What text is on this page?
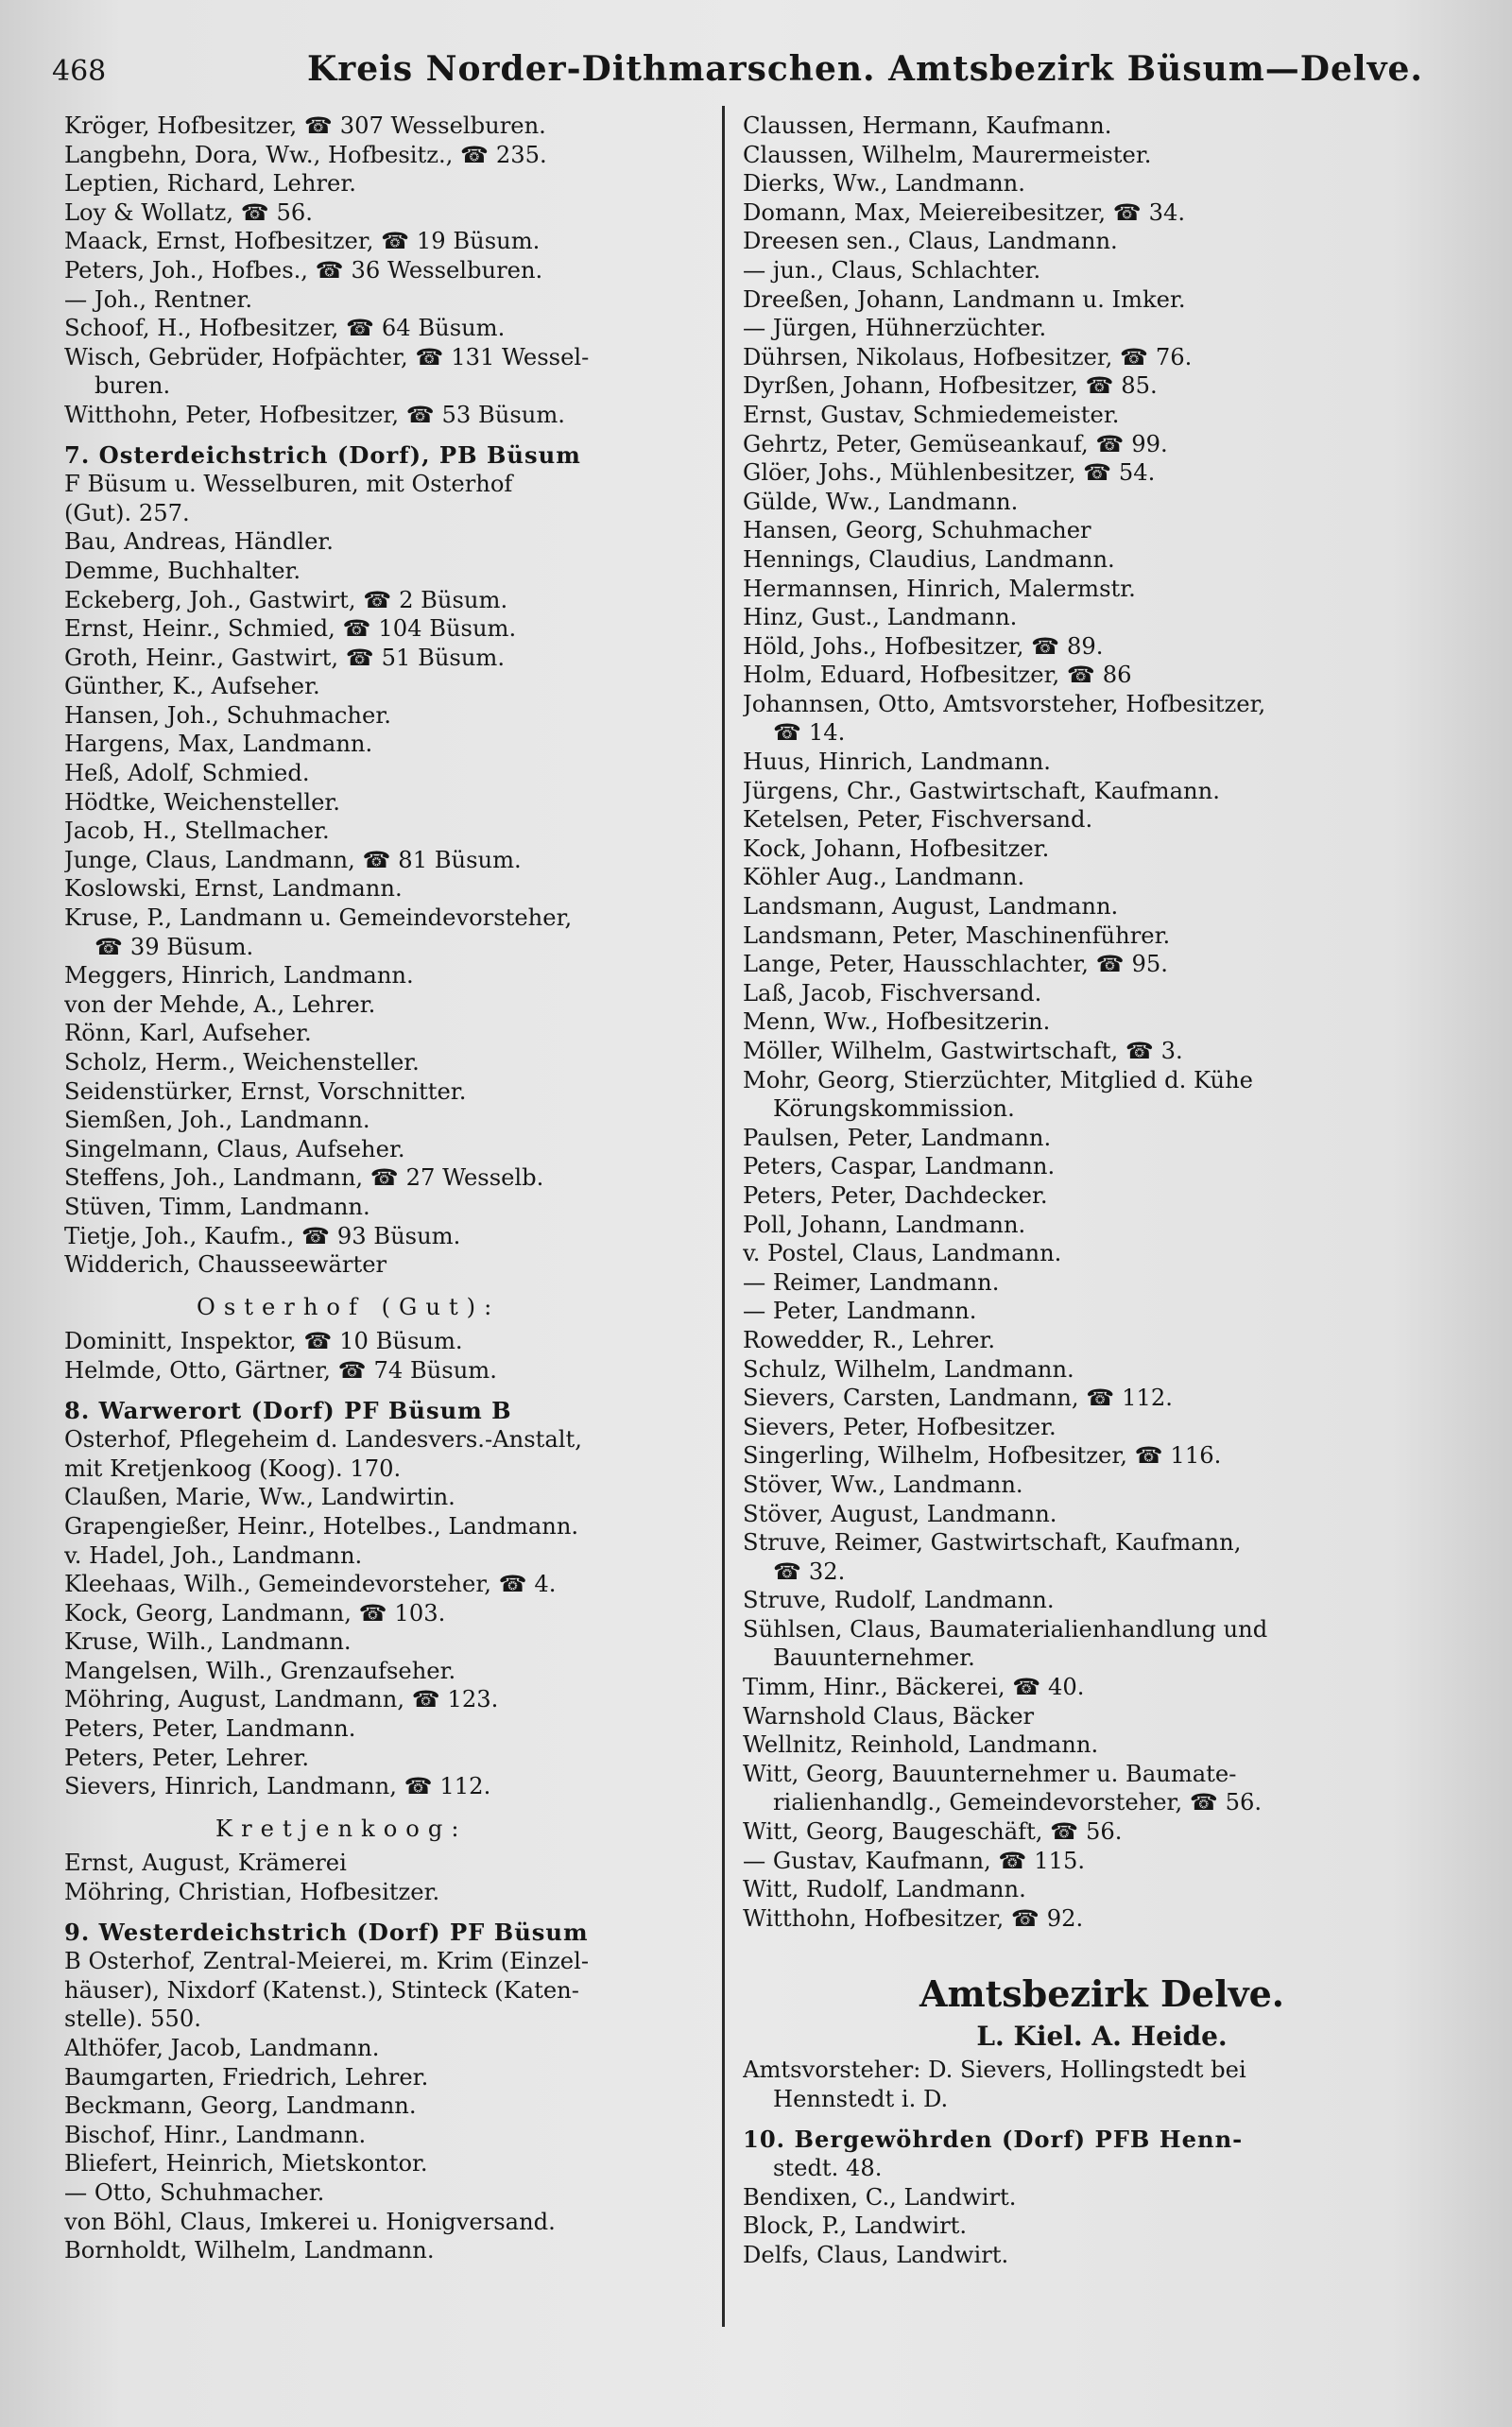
468	Kreis Norder-Dithmarschen. Amtsbezirk Büsum—Delve.
Kröger, Hofbesitzer, ☎ 307 Wesselburen.
Langbehn, Dora, Ww., Hofbesitz., ☎ 235.
Leptien, Richard, Lehrer.
Loy & Wollatz, ☎ 56.
Maack, Ernst, Hofbesitzer, ☎ 19 Büsum.
Peters, Joh., Hofbes., ☎ 36 Wesselburen.
— Joh., Rentner.
Schoof, H., Hofbesitzer, ☎ 64 Büsum.
Wisch, Gebrüder, Hofpächter, ☎ 131 Wessel-
buren.
Witthohn, Peter, Hofbesitzer, ☎ 53 Büsum.
7. Osterdeichstrich (Dorf), PB Büsum
F Büsum u. Wesselburen, mit Osterhof
(Gut). 257.
Bau, Andreas, Händler.
Demme, Buchhalter.
Eckeberg, Joh., Gastwirt, ☎ 2 Büsum.
Ernst, Heinr., Schmied, ☎ 104 Büsum.
Groth, Heinr., Gastwirt, ☎ 51 Büsum.
Günther, K., Aufseher.
Hansen, Joh., Schuhmacher.
Hargens, Max, Landmann.
Heß, Adolf, Schmied.
Hödtke, Weichensteller.
Jacob, H., Stellmacher.
Junge, Claus, Landmann, ☎ 81 Büsum.
Koslowski, Ernst, Landmann.
Kruse, P., Landmann u. Gemeindevorsteher,
☎ 39 Büsum.
Meggers, Hinrich, Landmann.
von der Mehde, A., Lehrer.
Rönn, Karl, Aufseher.
Scholz, Herm., Weichensteller.
Seidenstürker, Ernst, Vorschnitter.
Siemßen, Joh., Landmann.
Singelmann, Claus, Aufseher.
Steffens, Joh., Landmann, ☎ 27 Wesselb.
Stüven, Timm, Landmann.
Tietje, Joh., Kaufm., ☎ 93 Büsum.
Widderich, Chausseewärter
Osterhof (Gut):
Dominitt, Inspektor, ☎ 10 Büsum.
Helmde, Otto, Gärtner, ☎ 74 Büsum.
8. Warwerort (Dorf) PF Büsum B
Osterhof, Pflegeheim d. Landesvers.-Anstalt,
mit Kretjenkoog (Koog). 170.
Claußen, Marie, Ww., Landwirtin.
Grapengießer, Heinr., Hotelbes., Landmann.
v. Hadel, Joh., Landmann.
Kleehaas, Wilh., Gemeindevorsteher, ☎ 4.
Kock, Georg, Landmann, ☎ 103.
Kruse, Wilh., Landmann.
Mangelsen, Wilh., Grenzaufseher.
Möhring, August, Landmann, ☎ 123.
Peters, Peter, Landmann.
Peters, Peter, Lehrer.
Sievers, Hinrich, Landmann, ☎ 112.
Kretjenkoog:
Ernst, August, Krämerei
Möhring, Christian, Hofbesitzer.
9. Westerdeichstrich (Dorf) PF Büsum
B Osterhof, Zentral-Meierei, m. Krim (Einzel-
häuser), Nixdorf (Katenst.), Stinteck (Katen-
stelle). 550.
Althöfer, Jacob, Landmann.
Baumgarten, Friedrich, Lehrer.
Beckmann, Georg, Landmann.
Bischof, Hinr., Landmann.
Bliefert, Heinrich, Mietskontor.
— Otto, Schuhmacher.
von Böhl, Claus, Imkerei u. Honigversand.
Bornholdt, Wilhelm, Landmann.
Claussen, Hermann, Kaufmann.
Claussen, Wilhelm, Maurermeister.
Dierks, Ww., Landmann.
Domann, Max, Meiereibesitzer, ☎ 34.
Dreesen sen., Claus, Landmann.
— jun., Claus, Schlachter.
Dreeßen, Johann, Landmann u. Imker.
— Jürgen, Hühnerzüchter.
Dührsen, Nikolaus, Hofbesitzer, ☎ 76.
Dyrßen, Johann, Hofbesitzer, ☎ 85.
Ernst, Gustav, Schmiedemeister.
Gehrtz, Peter, Gemüseankauf, ☎ 99.
Glöer, Johs., Mühlenbesitzer, ☎ 54.
Gülde, Ww., Landmann.
Hansen, Georg, Schuhmacher
Hennings, Claudius, Landmann.
Hermannsen, Hinrich, Malermstr.
Hinz, Gust., Landmann.
Höld, Johs., Hofbesitzer, ☎ 89.
Holm, Eduard, Hofbesitzer, ☎ 86
Johannsen, Otto, Amtsvorsteher, Hofbesitzer,
☎ 14.
Huus, Hinrich, Landmann.
Jürgens, Chr., Gastwirtschaft, Kaufmann.
Ketelsen, Peter, Fischversand.
Kock, Johann, Hofbesitzer.
Köhler Aug., Landmann.
Landsmann, August, Landmann.
Landsmann, Peter, Maschinenführer.
Lange, Peter, Hausschlachter, ☎ 95.
Laß, Jacob, Fischversand.
Menn, Ww., Hofbesitzerin.
Möller, Wilhelm, Gastwirtschaft, ☎ 3.
Mohr, Georg, Stierzüchter, Mitglied d. Kühe
Körungskommission.
Paulsen, Peter, Landmann.
Peters, Caspar, Landmann.
Peters, Peter, Dachdecker.
Poll, Johann, Landmann.
v. Postel, Claus, Landmann.
— Reimer, Landmann.
— Peter, Landmann.
Rowedder, R., Lehrer.
Schulz, Wilhelm, Landmann.
Sievers, Carsten, Landmann, ☎ 112.
Sievers, Peter, Hofbesitzer.
Singerling, Wilhelm, Hofbesitzer, ☎ 116.
Stöver, Ww., Landmann.
Stöver, August, Landmann.
Struve, Reimer, Gastwirtschaft, Kaufmann,
☎ 32.
Struve, Rudolf, Landmann.
Sühlsen, Claus, Baumaterialienhandlung und
Bauunternehmer.
Timm, Hinr., Bäckerei, ☎ 40.
Warnshold Claus, Bäcker
Wellnitz, Reinhold, Landmann.
Witt, Georg, Bauunternehmer u. Baumate-
rialienhandlg., Gemeindevorsteher, ☎ 56.
Witt, Georg, Baugeschäft, ☎ 56.
— Gustav, Kaufmann, ☎ 115.
Witt, Rudolf, Landmann.
Witthohn, Hofbesitzer, ☎ 92.
Amtsbezirk Delve.
L. Kiel. A. Heide.
Amtsvorsteher: D. Sievers, Hollingstedt bei
Hennstedt i. D.
10. Bergewöhrden (Dorf) PFB Henn-
stedt. 48.
Bendixen, C., Landwirt.
Block, P., Landwirt.
Delfs, Claus, Landwirt.
